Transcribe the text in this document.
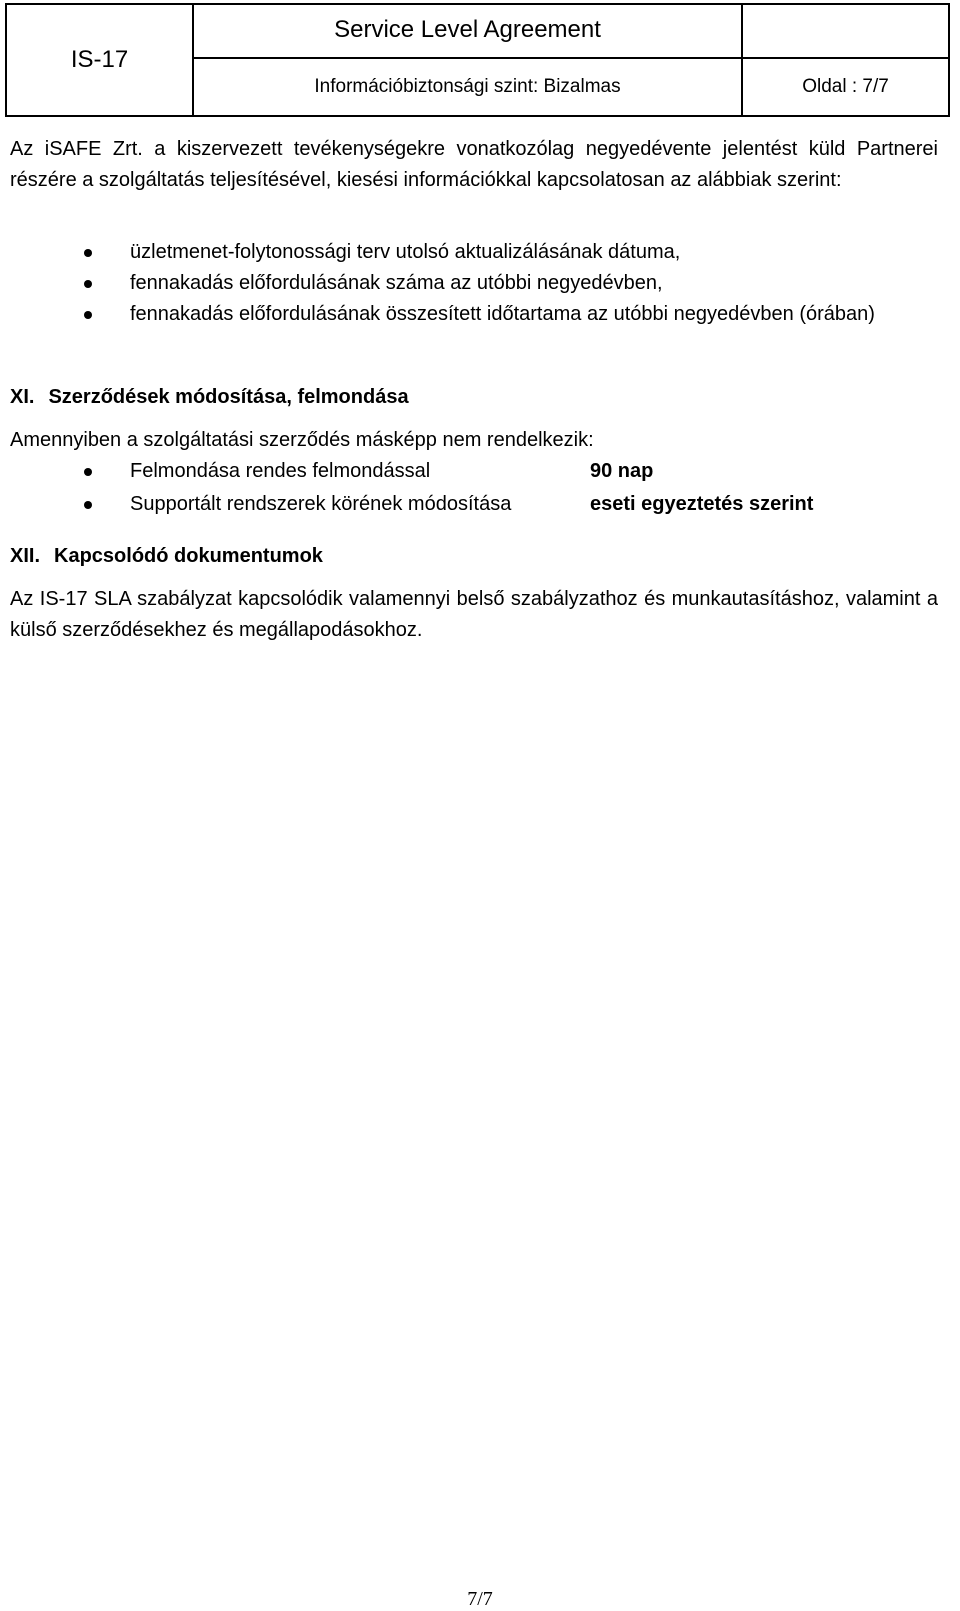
IS-17	Service Level Agreement	

	Információbiztonsági szint: Bizalmas	Oldal : 7/7
Az iSAFE Zrt. a kiszervezett tevékenységekre vonatkozólag negyedévente jelentést küld Partnerei részére a szolgáltatás teljesítésével, kiesési információkkal kapcsolatosan az alábbiak szerint:
üzletmenet-folytonossági terv utolsó aktualizálásának dátuma,
fennakadás előfordulásának száma az utóbbi negyedévben,
fennakadás előfordulásának összesített időtartama az utóbbi negyedévben (órában)
XI. Szerződések módosítása, felmondása
Amennyiben a szolgáltatási szerződés másképp nem rendelkezik:
Felmondása rendes felmondással	90 nap
Supportált rendszerek körének módosítása	eseti egyeztetés szerint
XII. Kapcsolódó dokumentumok
Az IS-17 SLA szabályzat kapcsolódik valamennyi belső szabályzathoz és munkautasításhoz, valamint a külső szerződésekhez és megállapodásokhoz.
7/7
